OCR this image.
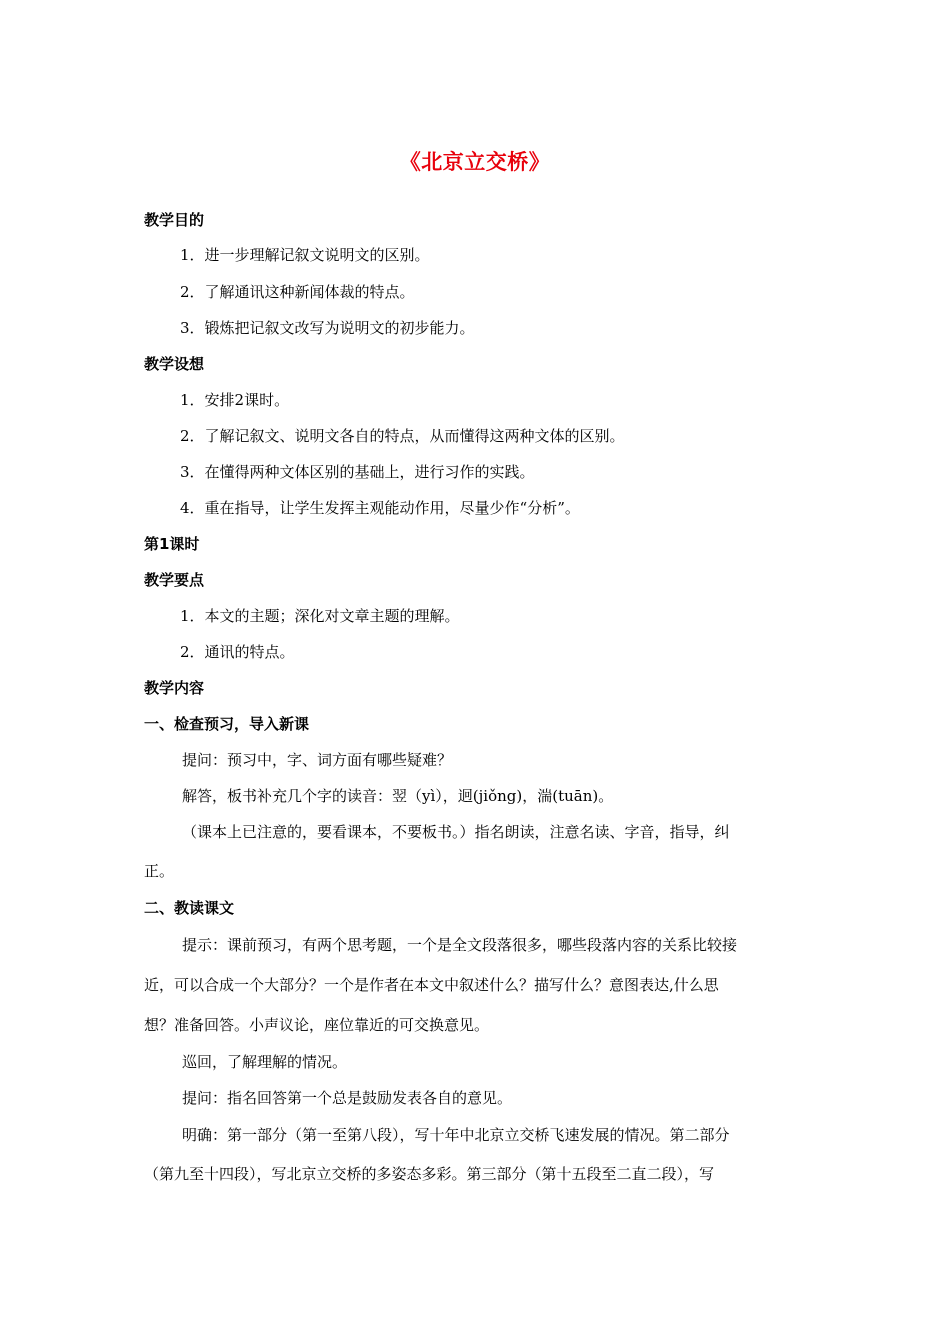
《北京立交桥》
教学目的
1．进一步理解记叙文说明文的区别。
2．了解通讯这种新闻体裁的特点。
3．锻炼把记叙文改写为说明文的初步能力。
教学设想
1．安排2课时。
2．了解记叙文、说明文各自的特点，从而懂得这两种文体的区别。
3．在懂得两种文体区别的基础上，进行习作的实践。
4．重在指导，让学生发挥主观能动作用，尽量少作“分析”。
第1课时
教学要点
1．本文的主题；深化对文章主题的理解。
2．通讯的特点。
教学内容
一、检查预习，导入新课
提问：预习中，字、词方面有哪些疑难？
解答，板书补充几个字的读音：翌（yì），迥(jiǒng)，湍(tuān)。
（课本上已注意的，要看课本，不要板书。）指名朗读，注意名读、字音，指导，纠
正。
二、教读课文
提示：课前预习，有两个思考题，一个是全文段落很多，哪些段落内容的关系比较接
近，可以合成一个大部分？一个是作者在本文中叙述什么？描写什么？意图表达,什么思
想？准备回答。小声议论，座位靠近的可交换意见。
巡回，了解理解的情况。
提问：指名回答第一个总是鼓励发表各自的意见。
明确：第一部分（第一至第八段），写十年中北京立交桥飞速发展的情况。第二部分
（第九至十四段），写北京立交桥的多姿态多彩。第三部分（第十五段至二直二段），写
